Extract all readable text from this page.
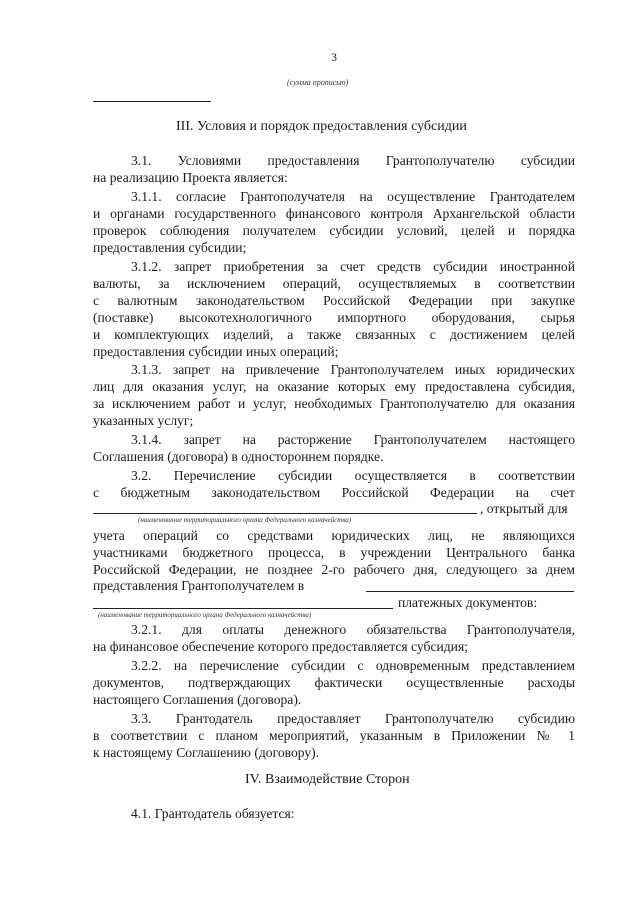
3
(сумма прописью)
III. Условия и порядок предоставления субсидии
3.1. Условиями предоставления Грантополучателю субсидии
на реализацию Проекта является:
3.1.1. согласие Грантополучателя на осуществление Грантодателем
и органами государственного финансового контроля Архангельской области
проверок соблюдения получателем субсидии условий, целей и порядка
предоставления субсидии;
3.1.2. запрет приобретения за счет средств субсидии иностранной
валюты, за исключением операций, осуществляемых в соответствии
с валютным законодательством Российской Федерации при закупке
(поставке) высокотехнологичного импортного оборудования, сырья
и комплектующих изделий, а также связанных с достижением целей
предоставления субсидии иных операций;
3.1.3. запрет на привлечение Грантополучателем иных юридических
лиц для оказания услуг, на оказание которых ему предоставлена субсидия,
за исключением работ и услуг, необходимых Грантополучателю для оказания
указанных услуг;
3.1.4. запрет на расторжение Грантополучателем настоящего
Соглашения (договора) в одностороннем порядке.
3.2. Перечисление субсидии осуществляется в соответствии
с бюджетным законодательством Российской Федерации на счет
, открытый для
(наименование территориального органа Федерального казначейства)
учета операций со средствами юридических лиц, не являющихся
участниками бюджетного процесса, в учреждении Центрального банка
Российской Федерации, не позднее 2-го рабочего дня, следующего за днем
представления Грантополучателем в
платежных документов:
(наименование территориального органа Федерального казначейства)
3.2.1. для оплаты денежного обязательства Грантополучателя,
на финансовое обеспечение которого предоставляется субсидия;
3.2.2. на перечисление субсидии с одновременным представлением
документов, подтверждающих фактически осуществленные расходы
настоящего Соглашения (договора).
3.3. Грантодатель предоставляет Грантополучателю субсидию
в соответствии с планом мероприятий, указанным в Приложении № 1
к настоящему Соглашению (договору).
IV. Взаимодействие Сторон
4.1. Грантодатель обязуется:
